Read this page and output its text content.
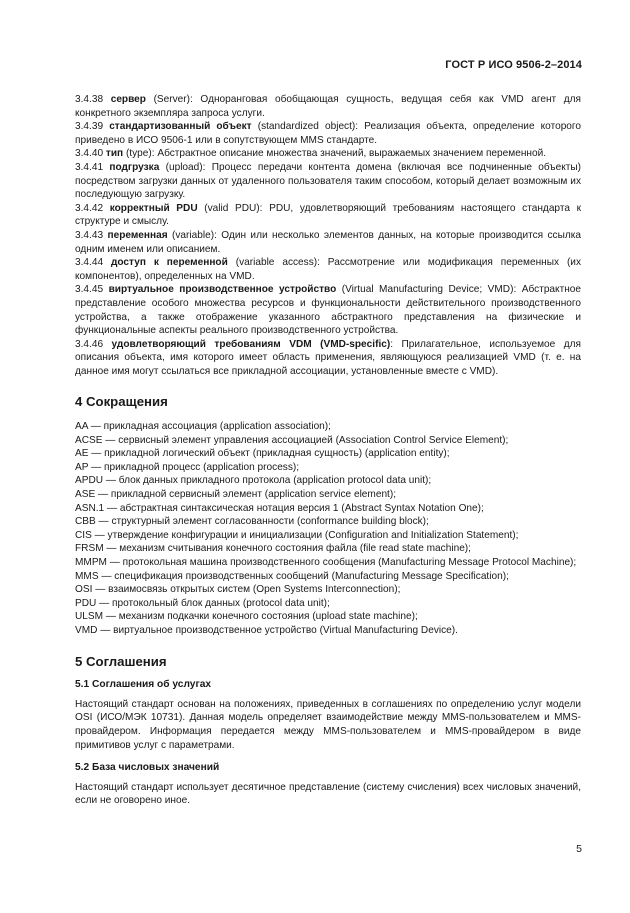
ГОСТ Р ИСО 9506-2–2014

3.4.38 сервер (Server): Одноранговая обобщающая сущность, ведущая себя как VMD агент для конкретного экземпляра запроса услуги.

3.4.39 стандартизованный объект (standardized object): Реализация объекта, определение которого приведено в ИСО 9506-1 или в сопутствующем MMS стандарте.

3.4.40 тип (type): Абстрактное описание множества значений, выражаемых значением переменной.

3.4.41 подгрузка (upload): Процесс передачи контента домена (включая все подчиненные объекты) посредством загрузки данных от удаленного пользователя таким способом, который делает возможным их последующую загрузку.

3.4.42 корректный PDU (valid PDU): PDU, удовлетворяющий требованиям настоящего стандарта к структуре и смыслу.

3.4.43 переменная (variable): Один или несколько элементов данных, на которые производится ссылка одним именем или описанием.

3.4.44 доступ к переменной (variable access): Рассмотрение или модификация переменных (их компонентов), определенных на VMD.

3.4.45 виртуальное производственное устройство (Virtual Manufacturing Device; VMD): Абстрактное представление особого множества ресурсов и функциональности действительного производственного устройства, а также отображение указанного абстрактного представления на физические и функциональные аспекты реального производственного устройства.

3.4.46 удовлетворяющий требованиям VDM (VMD-specific): Прилагательное, используемое для описания объекта, имя которого имеет область применения, являющуюся реализацией VMD (т. е. на данное имя могут ссылаться все прикладной ассоциации, установленные вместе с VMD).

4 Сокращения

AA — прикладная ассоциация (application association);

ACSE — сервисный элемент управления ассоциацией (Association Control Service Element);

AE — прикладной логический объект (прикладная сущность) (application entity);

AP — прикладной процесс (application process);

APDU — блок данных прикладного протокола (application protocol data unit);

ASE — прикладной сервисный элемент (application service element);

ASN.1 — абстрактная синтаксическая нотация версия 1 (Abstract Syntax Notation One);

CBB — структурный элемент согласованности (conformance building block);

CIS — утверждение конфигурации и инициализации (Configuration and Initialization Statement);

FRSM — механизм считывания конечного состояния файла (file read state machine);

MMPM — протокольная машина производственного сообщения (Manufacturing Message Protocol Machine);

MMS — спецификация производственных сообщений (Manufacturing Message Specification);

OSI — взаимосвязь открытых систем (Open Systems Interconnection);

PDU — протокольный блок данных (protocol data unit);

ULSM — механизм подкачки конечного состояния (upload state machine);

VMD — виртуальное производственное устройство (Virtual Manufacturing Device).

5 Соглашения
5.1 Соглашения об услугах

Настоящий стандарт основан на положениях, приведенных в соглашениях по определению услуг модели OSI (ИСО/МЭК 10731). Данная модель определяет взаимодействие между MMS-пользователем и MMS-провайдером. Информация передается между MMS-пользователем и MMS-провайдером в виде примитивов услуг с параметрами.

5.2 База числовых значений

Настоящий стандарт использует десятичное представление (систему счисления) всех числовых значений, если не оговорено иное.

5
